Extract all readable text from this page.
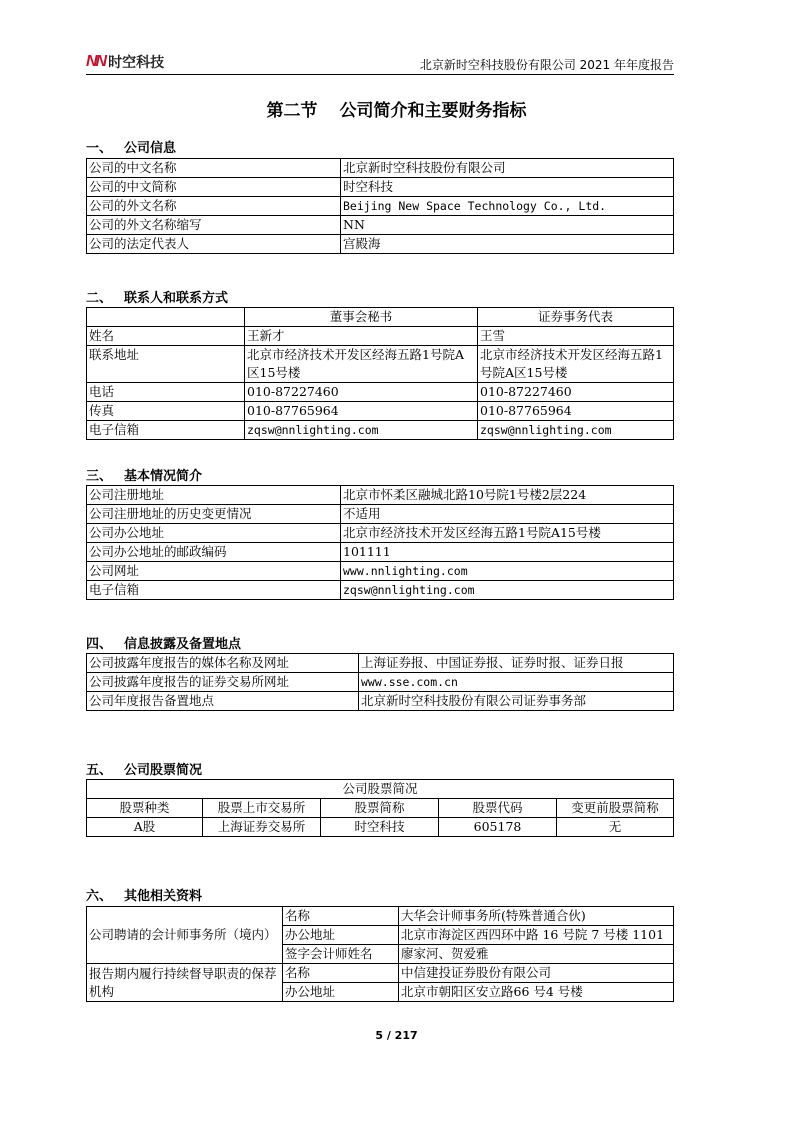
NN 时空科技	北京新时空科技股份有限公司 2021 年年度报告
第二节 公司简介和主要财务指标
一、 公司信息
公司的中文名称	北京新时空科技股份有限公司
公司的中文简称	时空科技
公司的外文名称	Beijing New Space Technology Co., Ltd.
公司的外文名称缩写	NN
公司的法定代表人	宫殿海
二、 联系人和联系方式
	董事会秘书	证券事务代表
姓名	王新才	王雪
联系地址	北京市经济技术开发区经海五路1号院A区15号楼	北京市经济技术开发区经海五路1号院A区15号楼
电话	010-87227460	010-87227460
传真	010-87765964	010-87765964
电子信箱	zqsw@nnlighting.com	zqsw@nnlighting.com
三、 基本情况简介
公司注册地址	北京市怀柔区融城北路10号院1号楼2层224
公司注册地址的历史变更情况	不适用
公司办公地址	北京市经济技术开发区经海五路1号院A15号楼
公司办公地址的邮政编码	101111
公司网址	www.nnlighting.com
电子信箱	zqsw@nnlighting.com
四、 信息披露及备置地点
公司披露年度报告的媒体名称及网址	上海证券报、中国证券报、证券时报、证券日报
公司披露年度报告的证券交易所网址	www.sse.com.cn
公司年度报告备置地点	北京新时空科技股份有限公司证券事务部
五、 公司股票简况
公司股票简况				
股票种类	股票上市交易所	股票简称	股票代码	变更前股票简称
A股	上海证券交易所	时空科技	605178	无
六、 其他相关资料
公司聘请的会计师事务所（境内）	名称	大华会计师事务所(特殊普通合伙)
	办公地址	北京市海淀区西四环中路 16 号院 7 号楼 1101
	签字会计师姓名	廖家河、贺爱雅
报告期内履行持续督导职责的保荐机构	名称	中信建投证券股份有限公司
	办公地址	北京市朝阳区安立路66 号4 号楼
5 / 217
